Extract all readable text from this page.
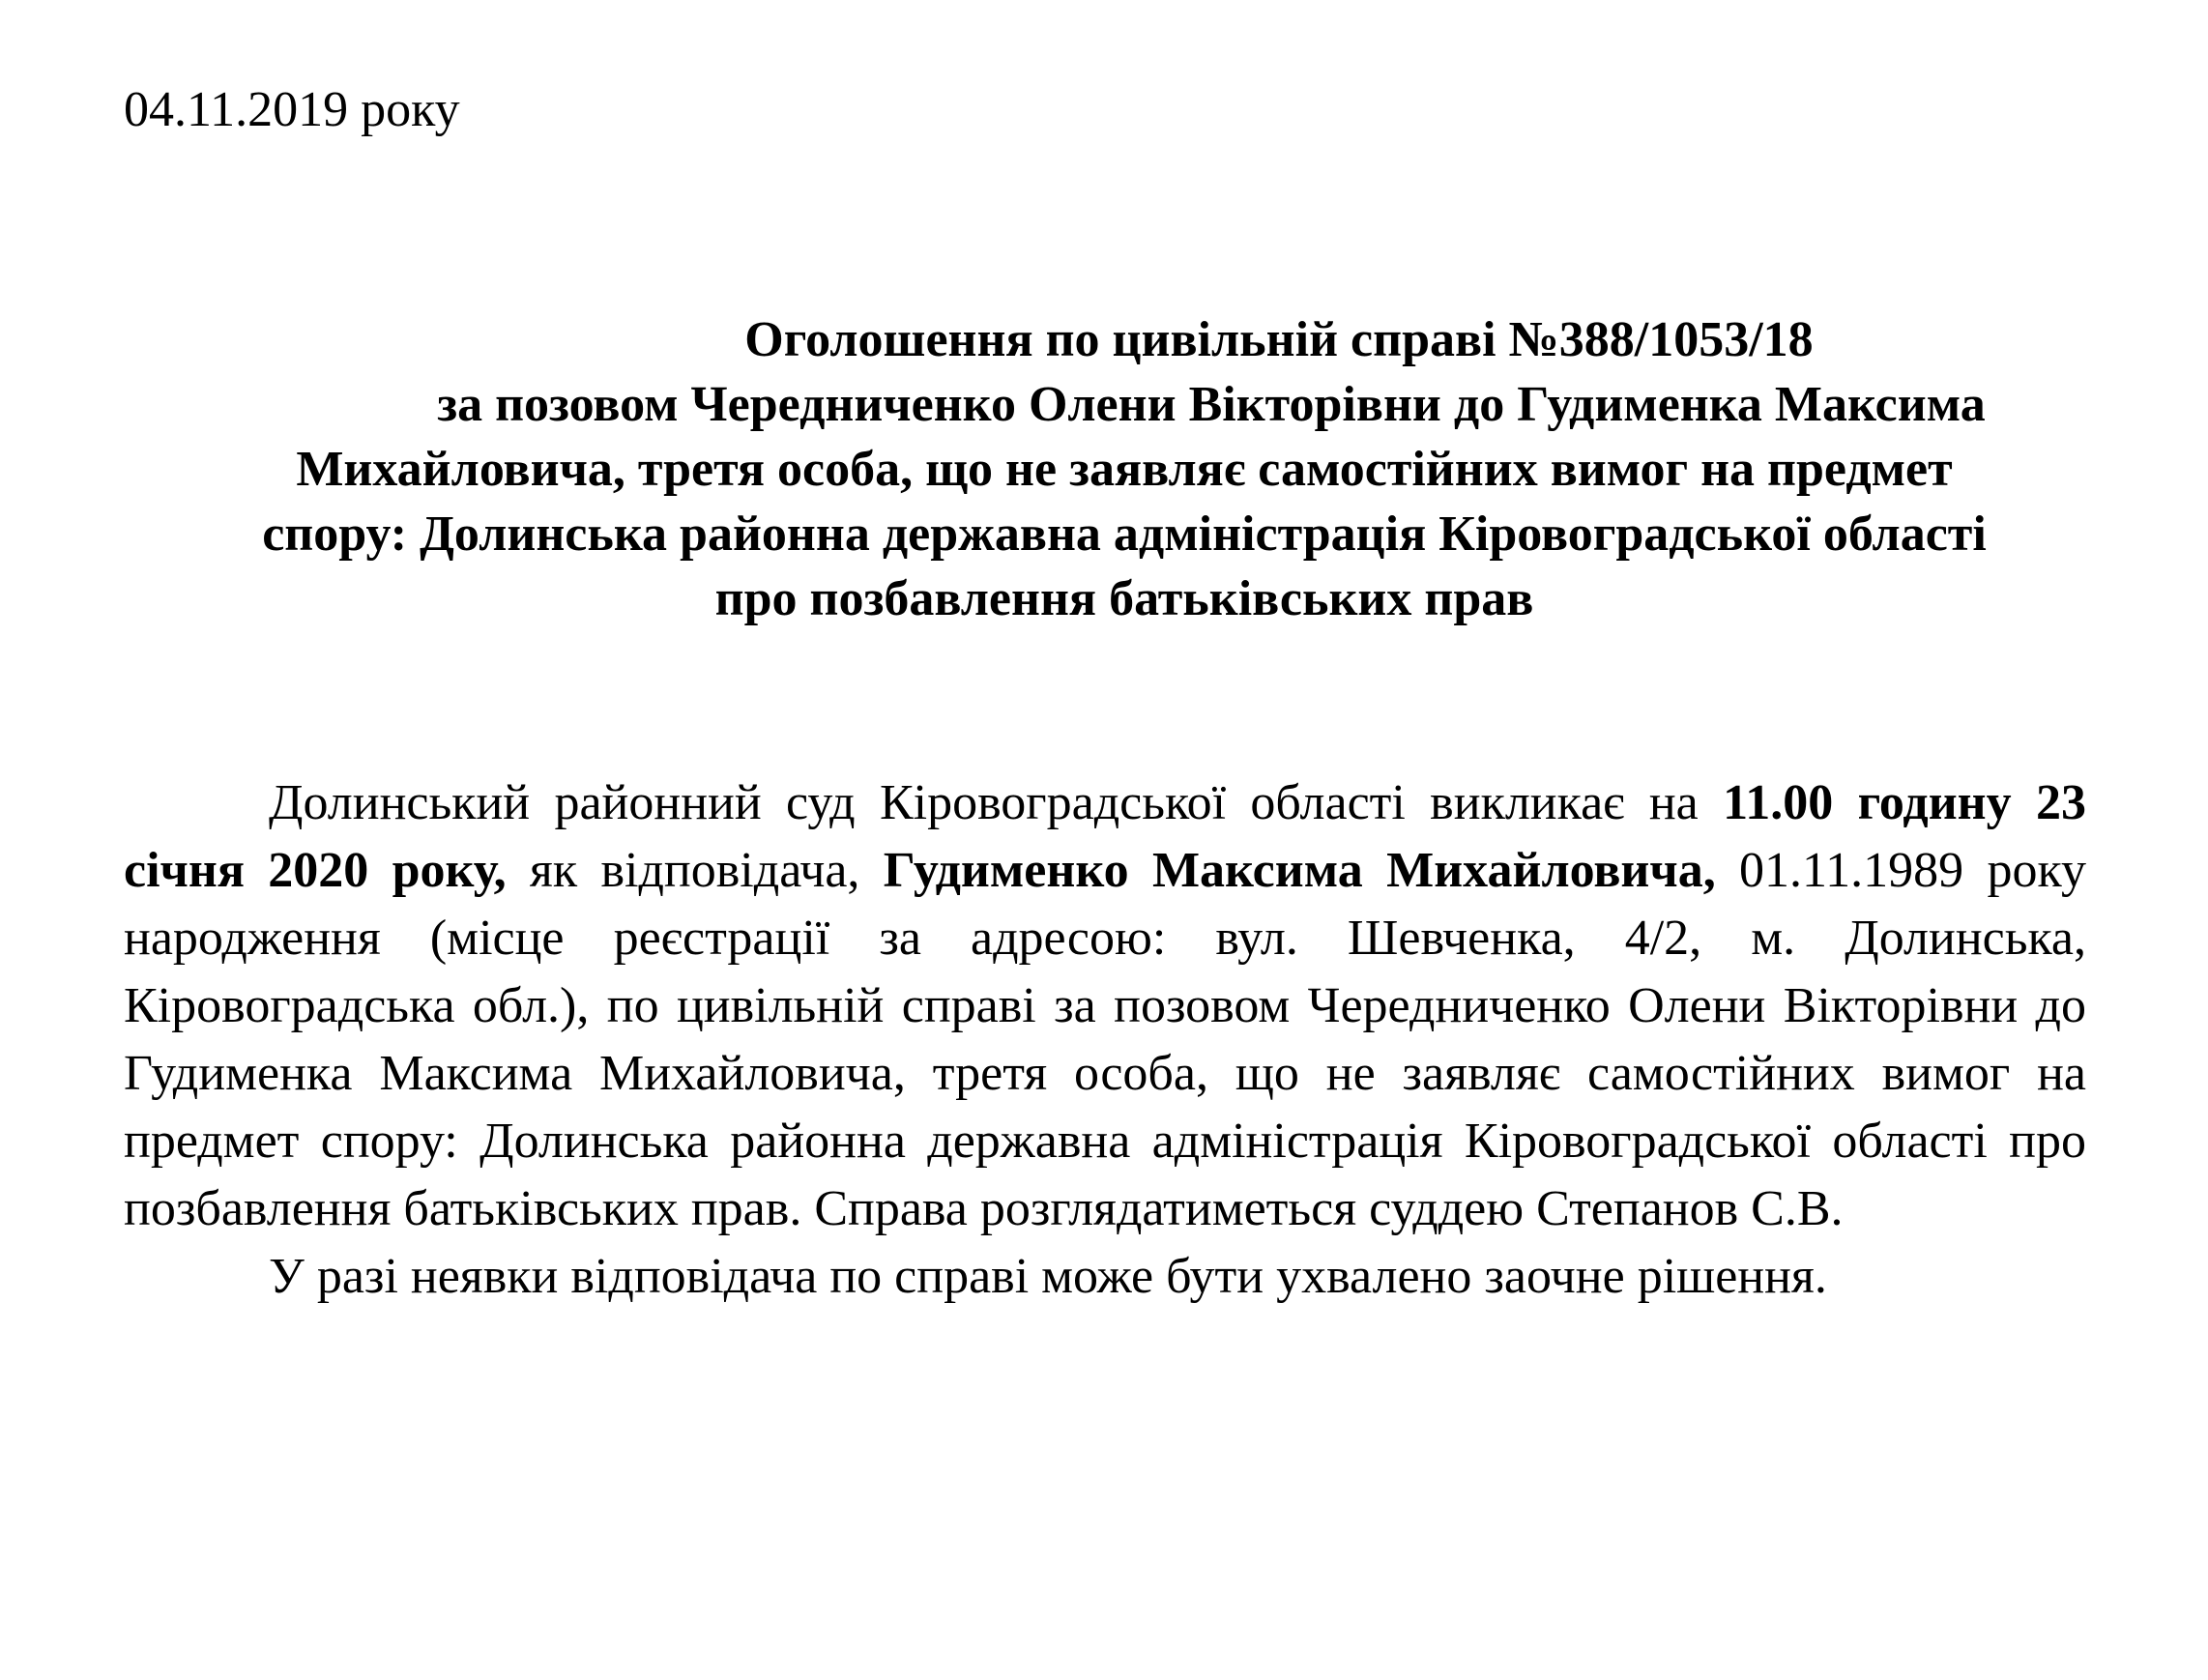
04.11.2019 року
Оголошення по цивільній справі №388/1053/18
за позовом Чередниченко Олени Вікторівни до Гудименка Максима
Михайловича, третя особа, що не заявляє самостійних вимог на предмет
спору: Долинська районна державна адміністрація Кіровоградської області
про позбавлення батьківських прав

Долинський районний суд Кіровоградської області викликає на 11.00 годину 23 січня 2020 року, як відповідача, Гудименко Максима Михайловича, 01.11.1989 року народження (місце реєстрації за адресою: вул. Шевченка, 4/2, м. Долинська, Кіровоградська обл.), по цивільній справі за позовом Чередниченко Олени Вікторівни до Гудименка Максима Михайловича, третя особа, що не заявляє самостійних вимог на предмет спору: Долинська районна державна адміністрація Кіровоградської області про позбавлення батьківських прав. Справа розглядатиметься суддею Степанов С.В.

У разі неявки відповідача по справі може бути ухвалено заочне рішення.
